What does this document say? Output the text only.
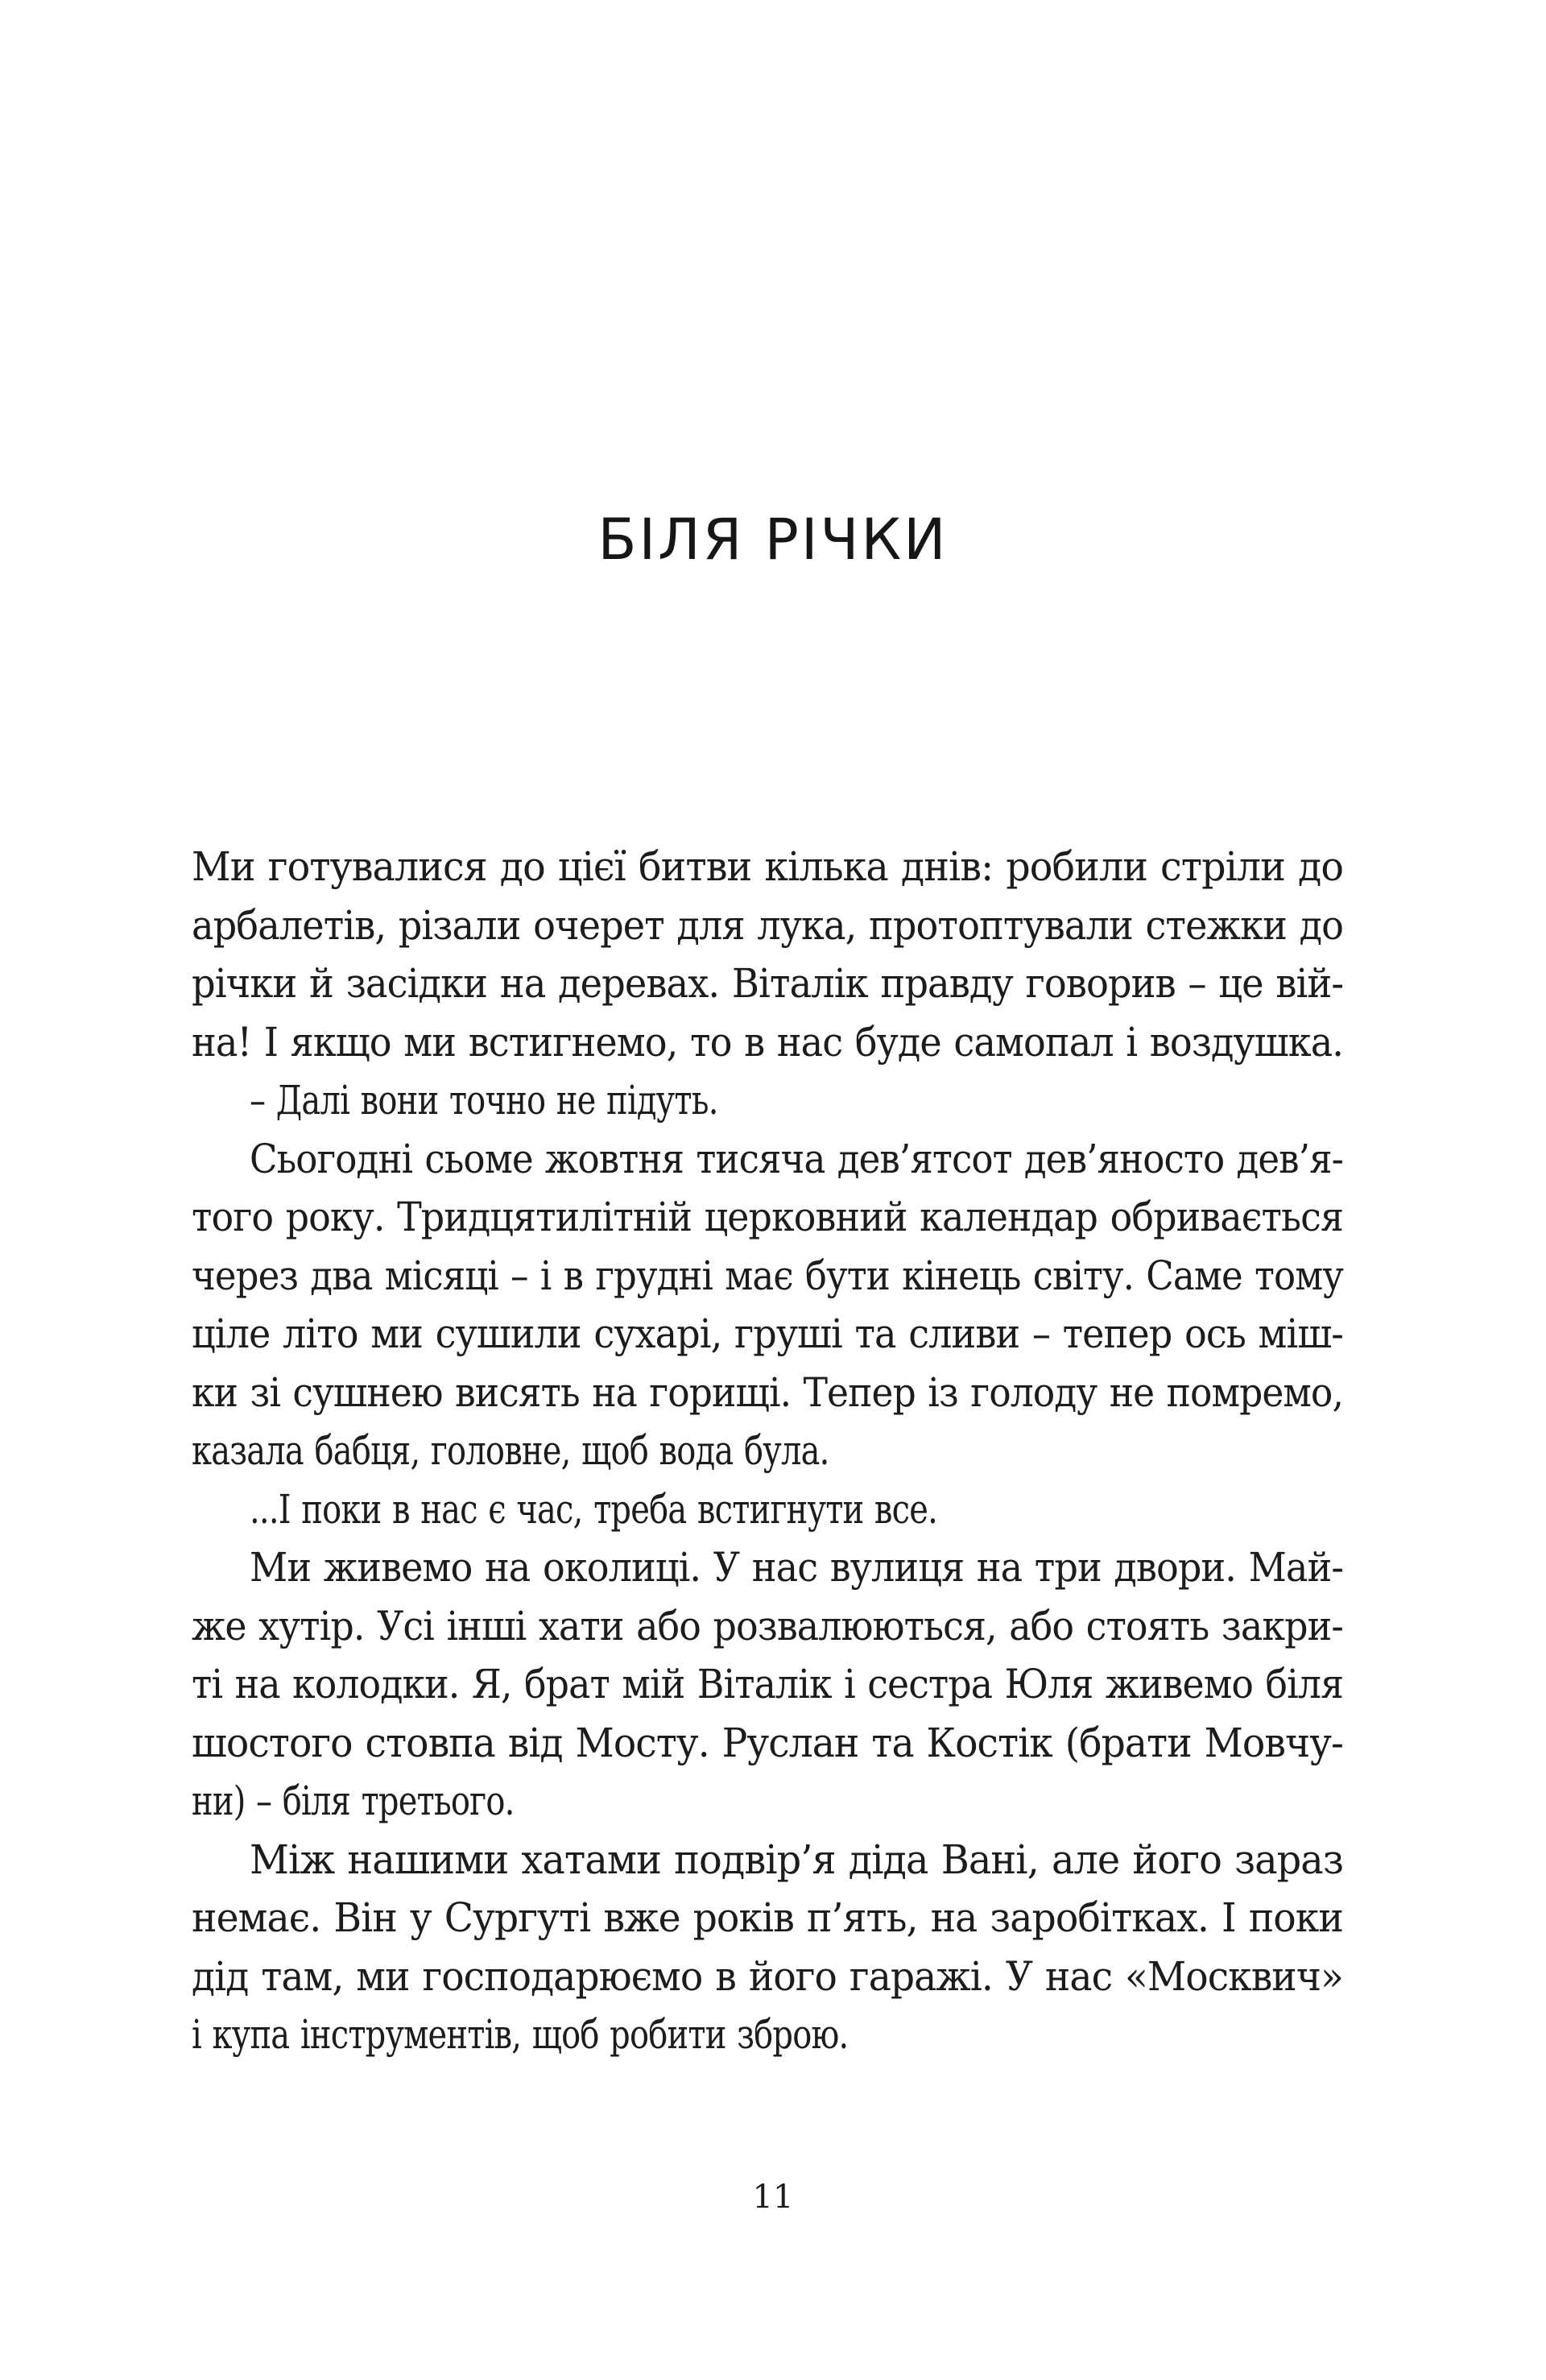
БІЛЯ РІЧКИ
Ми готувалися до цієї битви кілька днів: робили стріли до
арбалетів, різали очерет для лука, протоптували стежки до
річки й засідки на деревах. Віталік правду говорив – це вій-
на! І якщо ми встигнемо, то в нас буде самопал і воздушка.
– Далі вони точно не підуть.
Сьогодні сьоме жовтня тисяча дев’ятсот дев’яносто дев’я-
того року. Тридцятилітній церковний календар обривається
через два місяці – і в грудні має бути кінець світу. Саме тому
ціле літо ми сушили сухарі, груші та сливи – тепер ось міш-
ки зі сушнею висять на горищі. Тепер із голоду не помремо,
казала бабця, головне, щоб вода була.
...І поки в нас є час, треба встигнути все.
Ми живемо на околиці. У нас вулиця на три двори. Май-
же хутір. Усі інші хати або розвалюються, або стоять закри-
ті на колодки. Я, брат мій Віталік і сестра Юля живемо біля
шостого стовпа від Мосту. Руслан та Костік (брати Мовчу-
ни) – біля третього.
Між нашими хатами подвір’я діда Вані, але його зараз
немає. Він у Сургуті вже років п’ять, на заробітках. І поки
дід там, ми господарюємо в його гаражі. У нас «Москвич»
і купа інструментів, щоб робити зброю.
11
